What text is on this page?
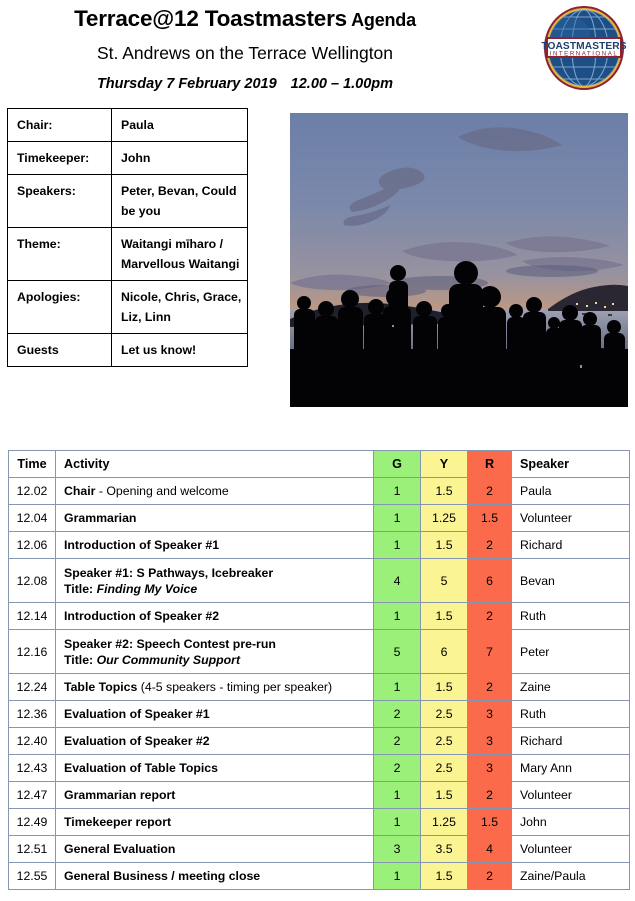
Terrace@12 Toastmasters Agenda
St. Andrews on the Terrace Wellington
Thursday 7 February 2019 12.00 – 1.00pm
TOASTMASTERS
INTERNATIONAL
Chair:	Paula
Timekeeper:	John
Speakers:	Peter, Bevan, Could be you
Theme:	Waitangi mīharo / Marvellous Waitangi
Apologies:	Nicole, Chris, Grace, Liz, Linn
Guests	Let us know!
Time	Activity	G	Y	R	Speaker
12.02	Chair - Opening and welcome	1	1.5	2	Paula
12.04	Grammarian	1	1.25	1.5	Volunteer
12.06	Introduction of Speaker #1	1	1.5	2	Richard
12.08	Speaker #1: S Pathways, Icebreaker
Title: Finding My Voice	4	5	6	Bevan
12.14	Introduction of Speaker #2	1	1.5	2	Ruth
12.16	Speaker #2: Speech Contest pre-run
Title: Our Community Support	5	6	7	Peter
12.24	Table Topics (4-5 speakers - timing per speaker)	1	1.5	2	Zaine
12.36	Evaluation of Speaker #1	2	2.5	3	Ruth
12.40	Evaluation of Speaker #2	2	2.5	3	Richard
12.43	Evaluation of Table Topics	2	2.5	3	Mary Ann
12.47	Grammarian report	1	1.5	2	Volunteer
12.49	Timekeeper report	1	1.25	1.5	John
12.51	General Evaluation	3	3.5	4	Volunteer
12.55	General Business / meeting close	1	1.5	2	Zaine/Paula
